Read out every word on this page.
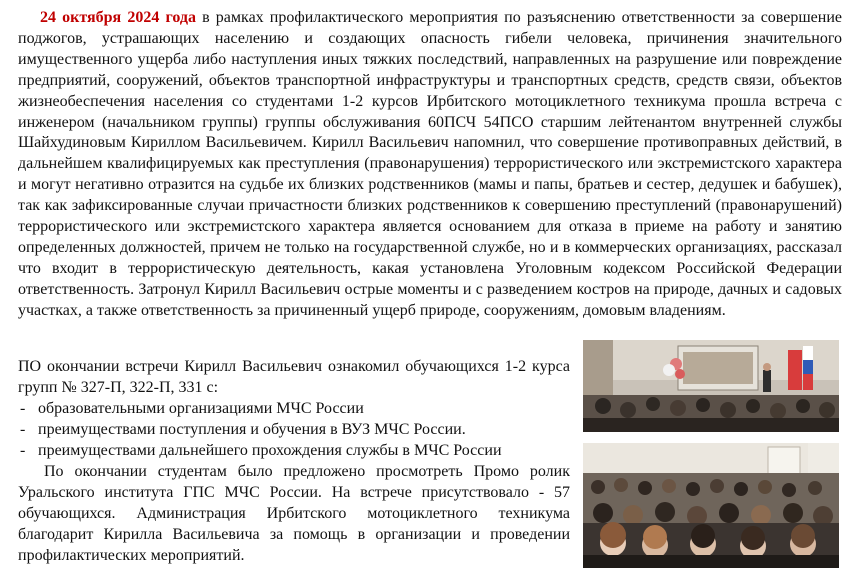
24 октября 2024 года в рамках профилактического мероприятия по разъяснению ответственности за совершение поджогов, устрашающих населению и создающих опасность гибели человека, причинения значительного имущественного ущерба либо наступления иных тяжких последствий, направленных на разрушение или повреждение предприятий, сооружений, объектов транспортной инфраструктуры и транспортных средств, средств связи, объектов жизнеобеспечения населения со студентами 1-2 курсов Ирбитского мотоциклетного техникума прошла встреча с инженером (начальником группы) группы обслуживания 60ПСЧ 54ПСО старшим лейтенантом внутренней службы Шайхудиновым Кириллом Васильевичем. Кирилл Васильевич напомнил, что совершение противоправных действий, в дальнейшем квалифицируемых как преступления (правонарушения) террористического или экстремистского характера и могут негативно отразится на судьбе их близких родственников (мамы и папы, братьев и сестер, дедушек и бабушек), так как зафиксированные случаи причастности близких родственников к совершению преступлений (правонарушений) террористического или экстремистского характера является основанием для отказа в приеме на работу и занятию определенных должностей, причем не только на государственной службе, но и в коммерческих организациях, рассказал что входит в террористическую деятельность, какая установлена Уголовным кодексом Российской Федерации ответственность. Затронул Кирилл Васильевич острые моменты и с разведением костров на природе, дачных и садовых участках, а также ответственность за причиненный ущерб природе, сооружениям, домовым владениям.

ПО окончании встречи Кирилл Васильевич ознакомил обучающихся 1-2 курса групп № 327-П, 322-П, 331 с:

- образовательными организациями МЧС России
- преимуществами поступления и обучения в ВУЗ МЧС России.
- преимуществами дальнейшего прохождения службы в МЧС России

По окончании студентам было предложено просмотреть Промо ролик Уральского института ГПС МЧС России. На встрече присутствовало - 57 обучающихся. Администрация Ирбитского мотоциклетного техникума благодарит Кирилла Васильевича за помощь в организации и проведении профилактических мероприятий.
